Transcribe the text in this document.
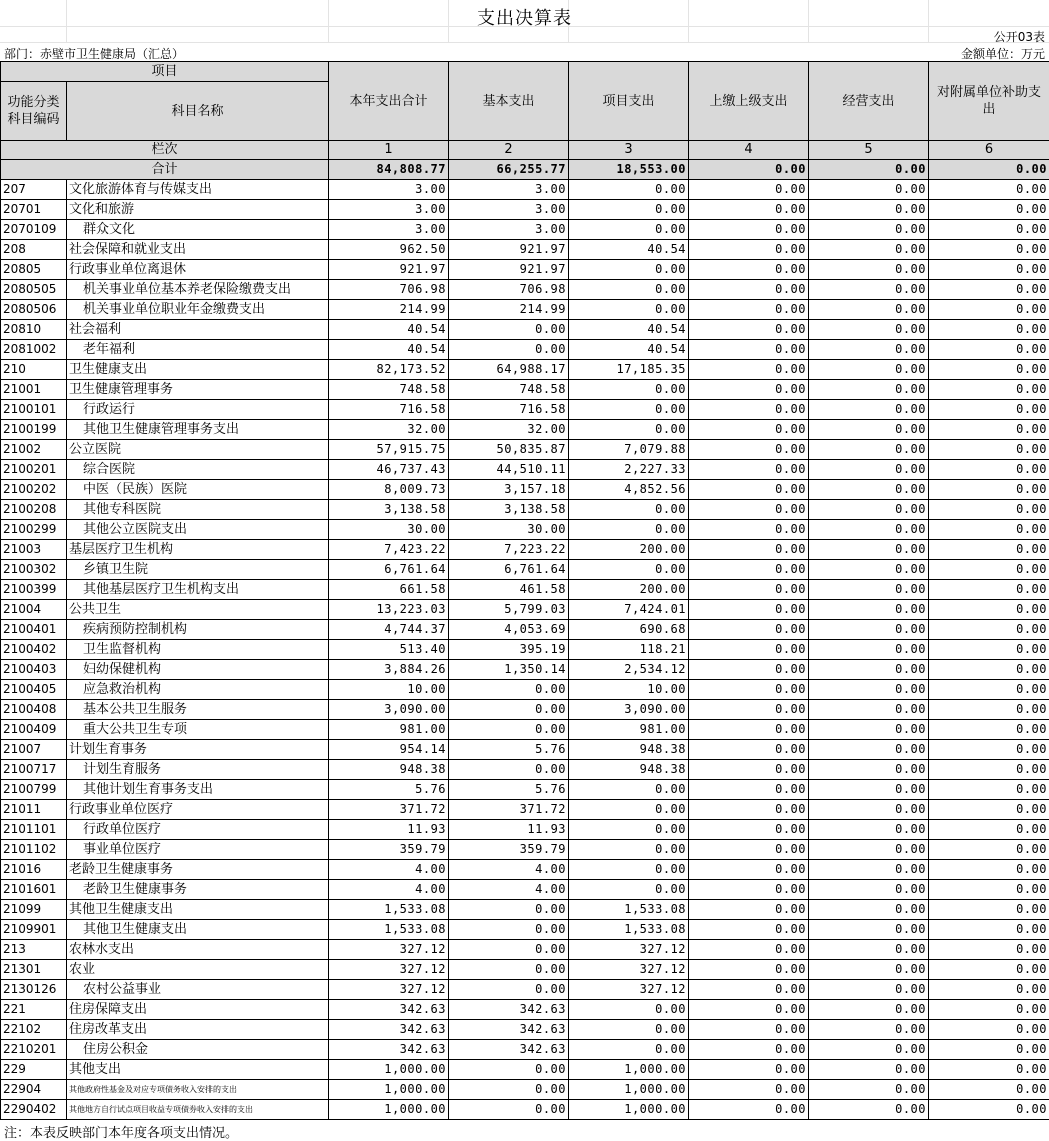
支出决算表
公开03表
部门：赤壁市卫生健康局（汇总）	金额单位：万元
项目		本年支出合计	基本支出	项目支出	上缴上级支出	经营支出	对附属单位补助支出
功能分类科目编码	科目名称						
栏次		1	2	3	4	5	6
合计		84,808.77	66,255.77	18,553.00	0.00	0.00	0.00
207	文化旅游体育与传媒支出	3.00	3.00	0.00	0.00	0.00	0.00
20701	文化和旅游	3.00	3.00	0.00	0.00	0.00	0.00
2070109	群众文化	3.00	3.00	0.00	0.00	0.00	0.00
208	社会保障和就业支出	962.50	921.97	40.54	0.00	0.00	0.00
20805	行政事业单位离退休	921.97	921.97	0.00	0.00	0.00	0.00
2080505	机关事业单位基本养老保险缴费支出	706.98	706.98	0.00	0.00	0.00	0.00
2080506	机关事业单位职业年金缴费支出	214.99	214.99	0.00	0.00	0.00	0.00
20810	社会福利	40.54	0.00	40.54	0.00	0.00	0.00
2081002	老年福利	40.54	0.00	40.54	0.00	0.00	0.00
210	卫生健康支出	82,173.52	64,988.17	17,185.35	0.00	0.00	0.00
21001	卫生健康管理事务	748.58	748.58	0.00	0.00	0.00	0.00
2100101	行政运行	716.58	716.58	0.00	0.00	0.00	0.00
2100199	其他卫生健康管理事务支出	32.00	32.00	0.00	0.00	0.00	0.00
21002	公立医院	57,915.75	50,835.87	7,079.88	0.00	0.00	0.00
2100201	综合医院	46,737.43	44,510.11	2,227.33	0.00	0.00	0.00
2100202	中医（民族）医院	8,009.73	3,157.18	4,852.56	0.00	0.00	0.00
2100208	其他专科医院	3,138.58	3,138.58	0.00	0.00	0.00	0.00
2100299	其他公立医院支出	30.00	30.00	0.00	0.00	0.00	0.00
21003	基层医疗卫生机构	7,423.22	7,223.22	200.00	0.00	0.00	0.00
2100302	乡镇卫生院	6,761.64	6,761.64	0.00	0.00	0.00	0.00
2100399	其他基层医疗卫生机构支出	661.58	461.58	200.00	0.00	0.00	0.00
21004	公共卫生	13,223.03	5,799.03	7,424.01	0.00	0.00	0.00
2100401	疾病预防控制机构	4,744.37	4,053.69	690.68	0.00	0.00	0.00
2100402	卫生监督机构	513.40	395.19	118.21	0.00	0.00	0.00
2100403	妇幼保健机构	3,884.26	1,350.14	2,534.12	0.00	0.00	0.00
2100405	应急救治机构	10.00	0.00	10.00	0.00	0.00	0.00
2100408	基本公共卫生服务	3,090.00	0.00	3,090.00	0.00	0.00	0.00
2100409	重大公共卫生专项	981.00	0.00	981.00	0.00	0.00	0.00
21007	计划生育事务	954.14	5.76	948.38	0.00	0.00	0.00
2100717	计划生育服务	948.38	0.00	948.38	0.00	0.00	0.00
2100799	其他计划生育事务支出	5.76	5.76	0.00	0.00	0.00	0.00
21011	行政事业单位医疗	371.72	371.72	0.00	0.00	0.00	0.00
2101101	行政单位医疗	11.93	11.93	0.00	0.00	0.00	0.00
2101102	事业单位医疗	359.79	359.79	0.00	0.00	0.00	0.00
21016	老龄卫生健康事务	4.00	4.00	0.00	0.00	0.00	0.00
2101601	老龄卫生健康事务	4.00	4.00	0.00	0.00	0.00	0.00
21099	其他卫生健康支出	1,533.08	0.00	1,533.08	0.00	0.00	0.00
2109901	其他卫生健康支出	1,533.08	0.00	1,533.08	0.00	0.00	0.00
213	农林水支出	327.12	0.00	327.12	0.00	0.00	0.00
21301	农业	327.12	0.00	327.12	0.00	0.00	0.00
2130126	农村公益事业	327.12	0.00	327.12	0.00	0.00	0.00
221	住房保障支出	342.63	342.63	0.00	0.00	0.00	0.00
22102	住房改革支出	342.63	342.63	0.00	0.00	0.00	0.00
2210201	住房公积金	342.63	342.63	0.00	0.00	0.00	0.00
229	其他支出	1,000.00	0.00	1,000.00	0.00	0.00	0.00
22904	其他政府性基金及对应专项债务收入安排的支出	1,000.00	0.00	1,000.00	0.00	0.00	0.00
2290402	其他地方自行试点项目收益专项债券收入安排的支出	1,000.00	0.00	1,000.00	0.00	0.00	0.00
注：本表反映部门本年度各项支出情况。
